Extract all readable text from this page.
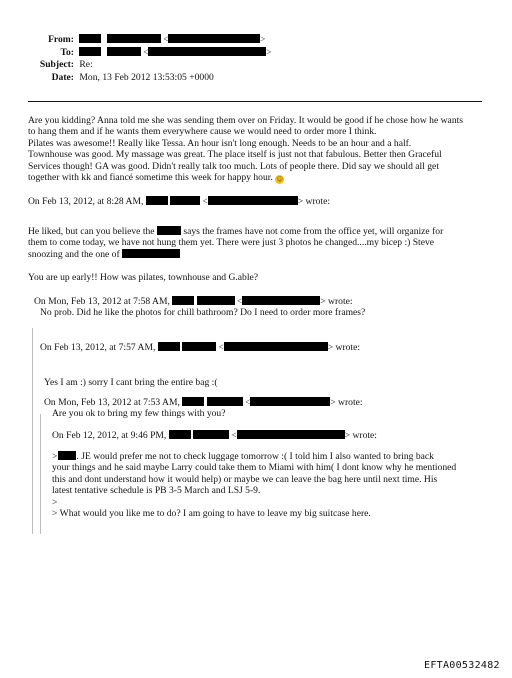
From:	<	>
To:	<	>
Subject: Re:
Date: Mon, 13 Feb 2012 13:53:05 +0000
Are you kidding? Anna told me she was sending them over on Friday. It would be good if he chose how he wants
to hang them and if he wants them everywhere cause we would need to order more I think.
Pilates was awesome!! Really like Tessa. An hour isn't long enough. Needs to be an hour and a half.
Townhouse was good. My massage was great. The place itself is just not that fabulous. Better then Graceful
Services though! GA was good. Didn't really talk too much. Lots of people there. Did say we should all get
together with kk and fiancé sometime this week for happy hour. ☺
On Feb 13, 2012, at 8:28 AM,	<	> wrote:
He liked, but can you believe the	says the frames have not come from the office yet, will organize for
them to come today, we have not hung them yet. There were just 3 photos he changed....my bicep :) Steve
snoozing and the one of
You are up early!! How was pilates, townhouse and G.able?
On Mon, Feb 13, 2012 at 7:58 AM,	<	> wrote:
No prob. Did he like the photos for chill bathroom? Do I need to order more frames?
On Feb 13, 2012, at 7:57 AM,	<	> wrote:
Yes I am :) sorry I cant bring the entire bag :(
On Mon, Feb 13, 2012 at 7:53 AM,	<	> wrote:
Are you ok to bring my few things with you?
On Feb 12, 2012, at 9:46 PM,	<	> wrote:
> . JE would prefer me not to check luggage tomorrow :( I told him I also wanted to bring back
your things and he said maybe Larry could take them to Miami with him( I dont know why he mentioned
this and dont understand how it would help) or maybe we can leave the bag here until next time. His
latest tentative schedule is PB 3-5 March and LSJ 5-9.
>
> What would you like me to do? I am going to have to leave my big suitcase here.
EFTA00532482
